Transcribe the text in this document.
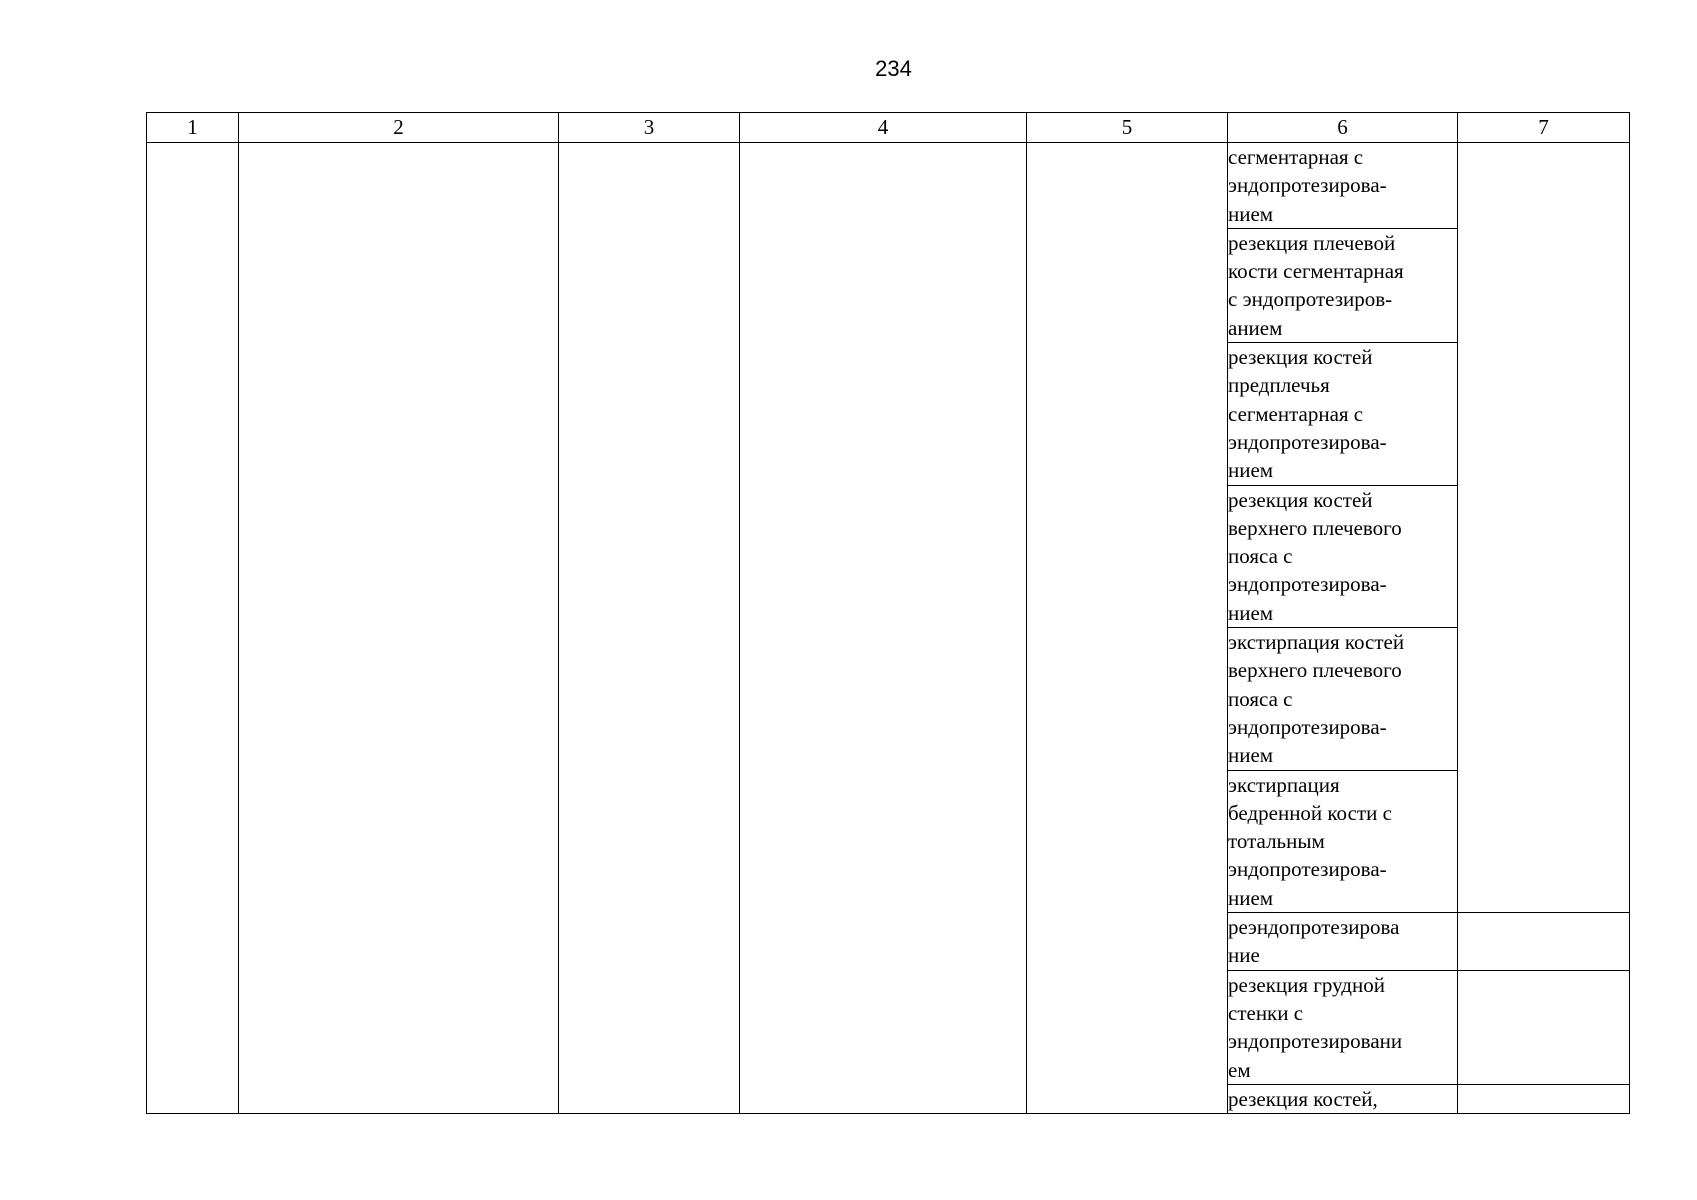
234
1	2	3	4	5	6	7
					сегментарная с
эндопротезирова-
нием	
					резекция плечевой
кости сегментарная
с эндопротезиров-
анием	
					резекция костей
предплечья
сегментарная с
эндопротезирова-
нием	
					резекция костей
верхнего плечевого
пояса с
эндопротезирова-
нием	
					экстирпация костей
верхнего плечевого
пояса с
эндопротезирова-
нием	
					экстирпация
бедренной кости с
тотальным
эндопротезирова-
нием	
					реэндопротезирова
ние	
					резекция грудной
стенки с
эндопротезировани
ем	
					резекция костей,	
